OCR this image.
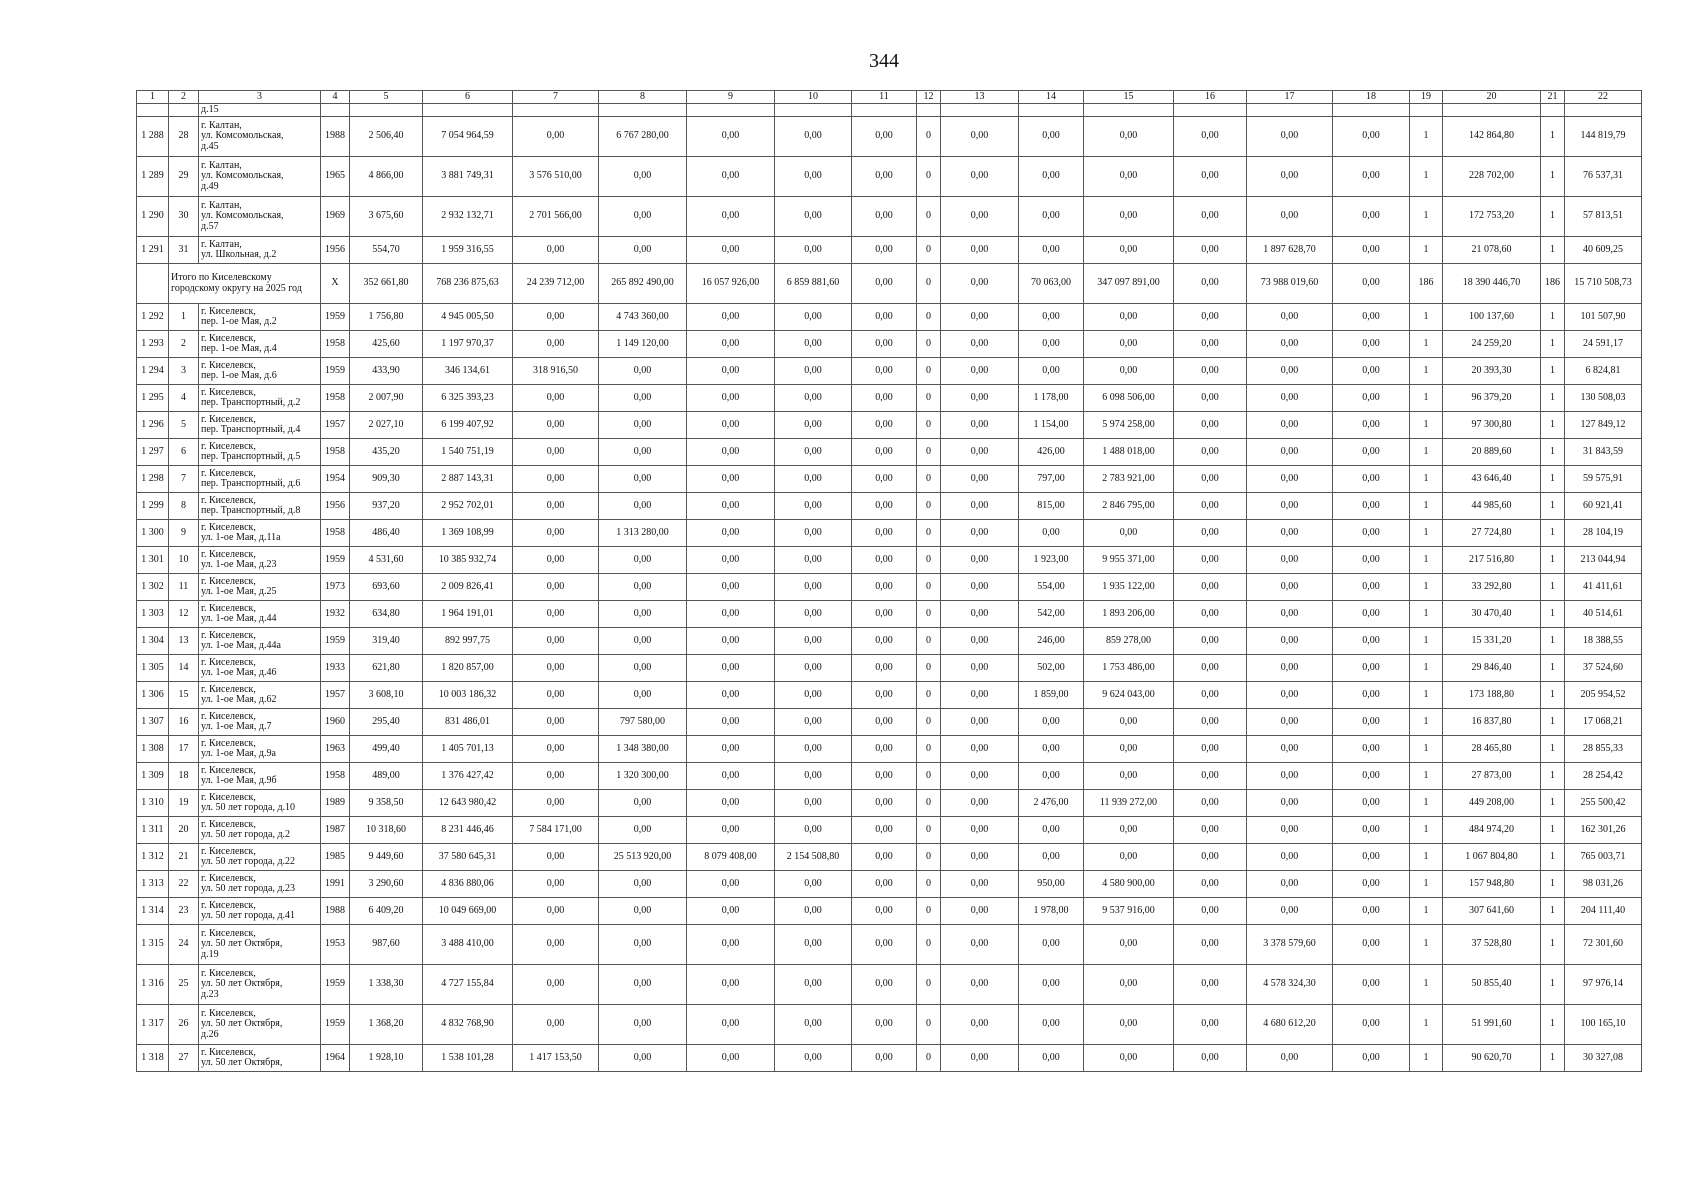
344
1	2	3	4	5	6	7	8	9	10	11	12	13	14	15	16	17	18	19	20	21	22
		д.15																			
1 288	28	г. Калтан,
ул. Комсомольская,
д.45	1988	2 506,40	7 054 964,59	0,00	6 767 280,00	0,00	0,00	0,00	0	0,00	0,00	0,00	0,00	0,00	0,00	1	142 864,80	1	144 819,79
1 289	29	г. Калтан,
ул. Комсомольская,
д.49	1965	4 866,00	3 881 749,31	3 576 510,00	0,00	0,00	0,00	0,00	0	0,00	0,00	0,00	0,00	0,00	0,00	1	228 702,00	1	76 537,31
1 290	30	г. Калтан,
ул. Комсомольская,
д.57	1969	3 675,60	2 932 132,71	2 701 566,00	0,00	0,00	0,00	0,00	0	0,00	0,00	0,00	0,00	0,00	0,00	1	172 753,20	1	57 813,51
1 291	31	г. Калтан,
ул. Школьная, д.2	1956	554,70	1 959 316,55	0,00	0,00	0,00	0,00	0,00	0	0,00	0,00	0,00	0,00	1 897 628,70	0,00	1	21 078,60	1	40 609,25
	Итого по Киселевскому городскому округу на 2025 год		X	352 661,80	768 236 875,63	24 239 712,00	265 892 490,00	16 057 926,00	6 859 881,60	0,00	0	0,00	70 063,00	347 097 891,00	0,00	73 988 019,60	0,00	186	18 390 446,70	186	15 710 508,73
1 292	1	г. Киселевск,
пер. 1-ое Мая, д.2	1959	1 756,80	4 945 005,50	0,00	4 743 360,00	0,00	0,00	0,00	0	0,00	0,00	0,00	0,00	0,00	0,00	1	100 137,60	1	101 507,90
1 293	2	г. Киселевск,
пер. 1-ое Мая, д.4	1958	425,60	1 197 970,37	0,00	1 149 120,00	0,00	0,00	0,00	0	0,00	0,00	0,00	0,00	0,00	0,00	1	24 259,20	1	24 591,17
1 294	3	г. Киселевск,
пер. 1-ое Мая, д.6	1959	433,90	346 134,61	318 916,50	0,00	0,00	0,00	0,00	0	0,00	0,00	0,00	0,00	0,00	0,00	1	20 393,30	1	6 824,81
1 295	4	г. Киселевск,
пер. Транспортный, д.2	1958	2 007,90	6 325 393,23	0,00	0,00	0,00	0,00	0,00	0	0,00	1 178,00	6 098 506,00	0,00	0,00	0,00	1	96 379,20	1	130 508,03
1 296	5	г. Киселевск,
пер. Транспортный, д.4	1957	2 027,10	6 199 407,92	0,00	0,00	0,00	0,00	0,00	0	0,00	1 154,00	5 974 258,00	0,00	0,00	0,00	1	97 300,80	1	127 849,12
1 297	6	г. Киселевск,
пер. Транспортный, д.5	1958	435,20	1 540 751,19	0,00	0,00	0,00	0,00	0,00	0	0,00	426,00	1 488 018,00	0,00	0,00	0,00	1	20 889,60	1	31 843,59
1 298	7	г. Киселевск,
пер. Транспортный, д.6	1954	909,30	2 887 143,31	0,00	0,00	0,00	0,00	0,00	0	0,00	797,00	2 783 921,00	0,00	0,00	0,00	1	43 646,40	1	59 575,91
1 299	8	г. Киселевск,
пер. Транспортный, д.8	1956	937,20	2 952 702,01	0,00	0,00	0,00	0,00	0,00	0	0,00	815,00	2 846 795,00	0,00	0,00	0,00	1	44 985,60	1	60 921,41
1 300	9	г. Киселевск,
ул. 1-ое Мая, д.11а	1958	486,40	1 369 108,99	0,00	1 313 280,00	0,00	0,00	0,00	0	0,00	0,00	0,00	0,00	0,00	0,00	1	27 724,80	1	28 104,19
1 301	10	г. Киселевск,
ул. 1-ое Мая, д.23	1959	4 531,60	10 385 932,74	0,00	0,00	0,00	0,00	0,00	0	0,00	1 923,00	9 955 371,00	0,00	0,00	0,00	1	217 516,80	1	213 044,94
1 302	11	г. Киселевск,
ул. 1-ое Мая, д.25	1973	693,60	2 009 826,41	0,00	0,00	0,00	0,00	0,00	0	0,00	554,00	1 935 122,00	0,00	0,00	0,00	1	33 292,80	1	41 411,61
1 303	12	г. Киселевск,
ул. 1-ое Мая, д.44	1932	634,80	1 964 191,01	0,00	0,00	0,00	0,00	0,00	0	0,00	542,00	1 893 206,00	0,00	0,00	0,00	1	30 470,40	1	40 514,61
1 304	13	г. Киселевск,
ул. 1-ое Мая, д.44а	1959	319,40	892 997,75	0,00	0,00	0,00	0,00	0,00	0	0,00	246,00	859 278,00	0,00	0,00	0,00	1	15 331,20	1	18 388,55
1 305	14	г. Киселевск,
ул. 1-ое Мая, д.46	1933	621,80	1 820 857,00	0,00	0,00	0,00	0,00	0,00	0	0,00	502,00	1 753 486,00	0,00	0,00	0,00	1	29 846,40	1	37 524,60
1 306	15	г. Киселевск,
ул. 1-ое Мая, д.62	1957	3 608,10	10 003 186,32	0,00	0,00	0,00	0,00	0,00	0	0,00	1 859,00	9 624 043,00	0,00	0,00	0,00	1	173 188,80	1	205 954,52
1 307	16	г. Киселевск,
ул. 1-ое Мая, д.7	1960	295,40	831 486,01	0,00	797 580,00	0,00	0,00	0,00	0	0,00	0,00	0,00	0,00	0,00	0,00	1	16 837,80	1	17 068,21
1 308	17	г. Киселевск,
ул. 1-ое Мая, д.9а	1963	499,40	1 405 701,13	0,00	1 348 380,00	0,00	0,00	0,00	0	0,00	0,00	0,00	0,00	0,00	0,00	1	28 465,80	1	28 855,33
1 309	18	г. Киселевск,
ул. 1-ое Мая, д.9б	1958	489,00	1 376 427,42	0,00	1 320 300,00	0,00	0,00	0,00	0	0,00	0,00	0,00	0,00	0,00	0,00	1	27 873,00	1	28 254,42
1 310	19	г. Киселевск,
ул. 50 лет города, д.10	1989	9 358,50	12 643 980,42	0,00	0,00	0,00	0,00	0,00	0	0,00	2 476,00	11 939 272,00	0,00	0,00	0,00	1	449 208,00	1	255 500,42
1 311	20	г. Киселевск,
ул. 50 лет города, д.2	1987	10 318,60	8 231 446,46	7 584 171,00	0,00	0,00	0,00	0,00	0	0,00	0,00	0,00	0,00	0,00	0,00	1	484 974,20	1	162 301,26
1 312	21	г. Киселевск,
ул. 50 лет города, д.22	1985	9 449,60	37 580 645,31	0,00	25 513 920,00	8 079 408,00	2 154 508,80	0,00	0	0,00	0,00	0,00	0,00	0,00	0,00	1	1 067 804,80	1	765 003,71
1 313	22	г. Киселевск,
ул. 50 лет города, д.23	1991	3 290,60	4 836 880,06	0,00	0,00	0,00	0,00	0,00	0	0,00	950,00	4 580 900,00	0,00	0,00	0,00	1	157 948,80	1	98 031,26
1 314	23	г. Киселевск,
ул. 50 лет города, д.41	1988	6 409,20	10 049 669,00	0,00	0,00	0,00	0,00	0,00	0	0,00	1 978,00	9 537 916,00	0,00	0,00	0,00	1	307 641,60	1	204 111,40
1 315	24	г. Киселевск,
ул. 50 лет Октября,
д.19	1953	987,60	3 488 410,00	0,00	0,00	0,00	0,00	0,00	0	0,00	0,00	0,00	0,00	3 378 579,60	0,00	1	37 528,80	1	72 301,60
1 316	25	г. Киселевск,
ул. 50 лет Октября,
д.23	1959	1 338,30	4 727 155,84	0,00	0,00	0,00	0,00	0,00	0	0,00	0,00	0,00	0,00	4 578 324,30	0,00	1	50 855,40	1	97 976,14
1 317	26	г. Киселевск,
ул. 50 лет Октября,
д.26	1959	1 368,20	4 832 768,90	0,00	0,00	0,00	0,00	0,00	0	0,00	0,00	0,00	0,00	4 680 612,20	0,00	1	51 991,60	1	100 165,10
1 318	27	г. Киселевск,
ул. 50 лет Октября,	1964	1 928,10	1 538 101,28	1 417 153,50	0,00	0,00	0,00	0,00	0	0,00	0,00	0,00	0,00	0,00	0,00	1	90 620,70	1	30 327,08
